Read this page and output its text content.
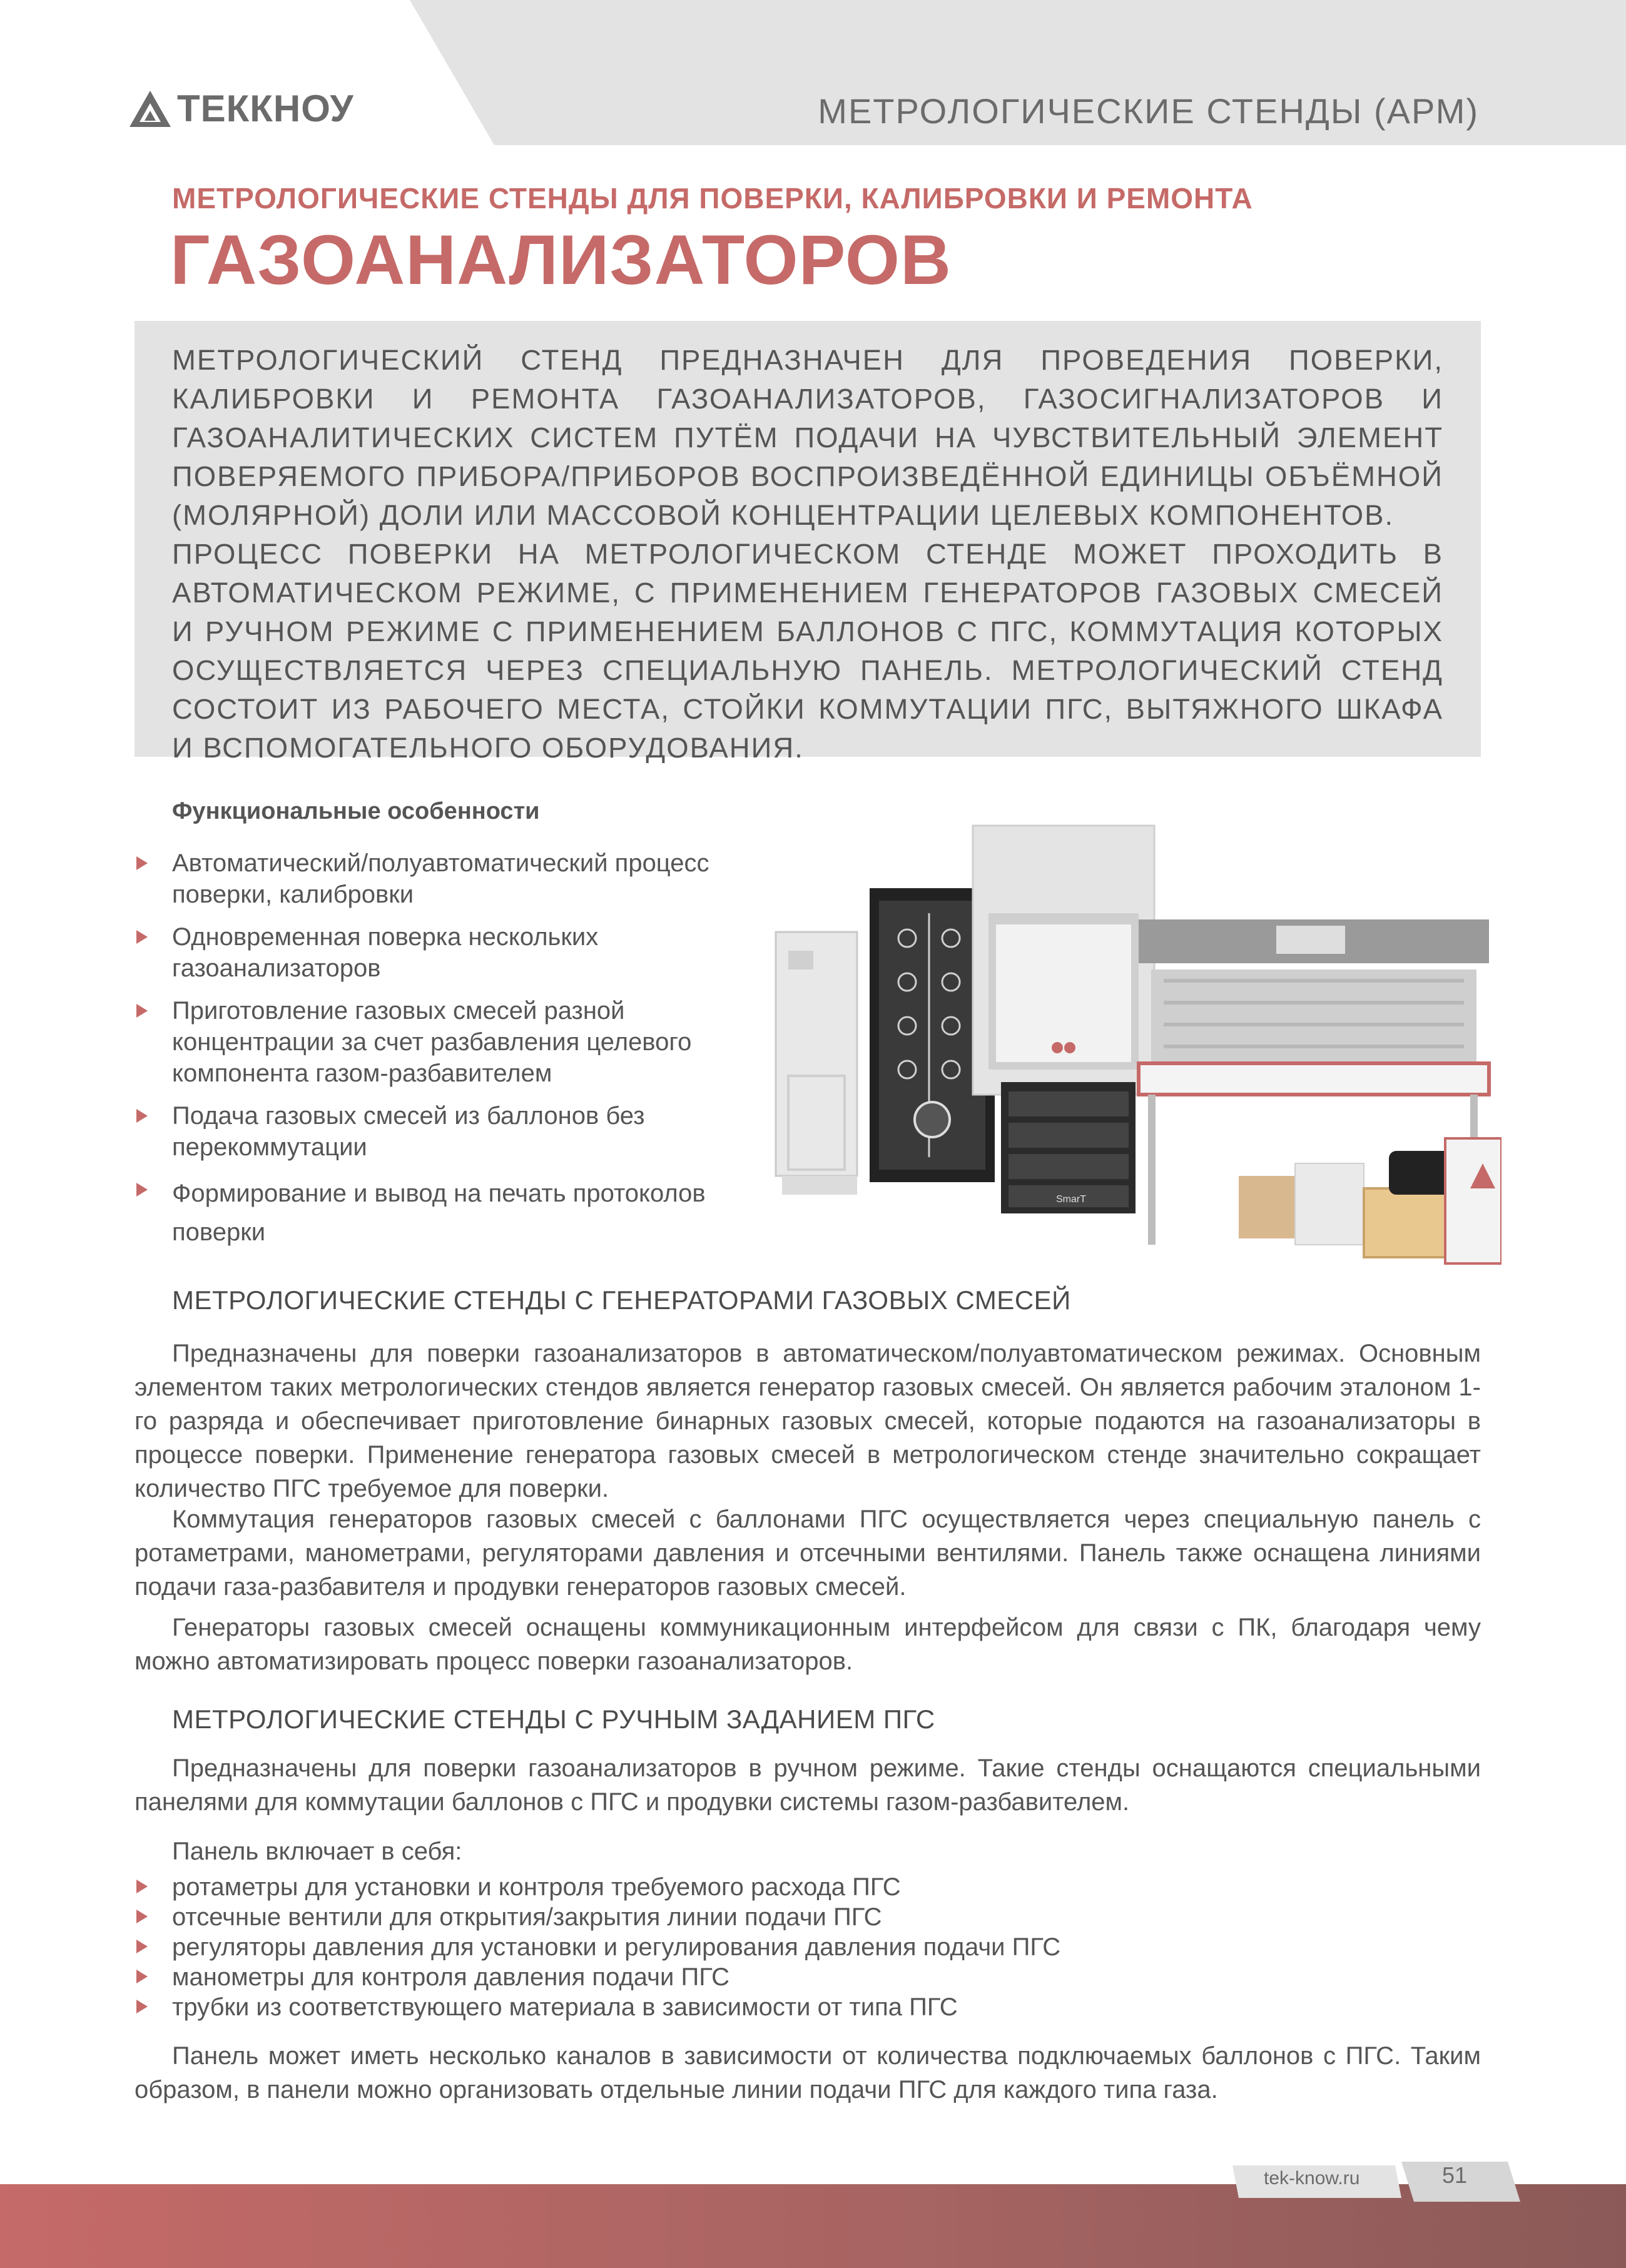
ТЕККНОУ	МЕТРОЛОГИЧЕСКИЕ СТЕНДЫ (АРМ)
МЕТРОЛОГИЧЕСКИЕ СТЕНДЫ ДЛЯ ПОВЕРКИ, КАЛИБРОВКИ И РЕМОНТА
ГАЗОАНАЛИЗАТОРОВ

МЕТРОЛОГИЧЕСКИЙ СТЕНД ПРЕДНАЗНАЧЕН ДЛЯ ПРОВЕДЕНИЯ ПОВЕРКИ, КАЛИБРОВКИ И РЕМОНТА ГАЗОАНАЛИЗАТОРОВ, ГАЗОСИГНАЛИЗАТОРОВ И ГАЗОАНАЛИТИЧЕСКИХ СИСТЕМ ПУТЁМ ПОДАЧИ НА ЧУВСТВИТЕЛЬНЫЙ ЭЛЕМЕНТ ПОВЕРЯЕМОГО ПРИБОРА/ПРИБОРОВ ВОСПРОИЗВЕДЁННОЙ ЕДИНИЦЫ ОБЪЁМНОЙ (МОЛЯРНОЙ) ДОЛИ ИЛИ МАССОВОЙ КОНЦЕНТРАЦИИ ЦЕЛЕВЫХ КОМПОНЕНТОВ.

ПРОЦЕСС ПОВЕРКИ НА МЕТРОЛОГИЧЕСКОМ СТЕНДЕ МОЖЕТ ПРОХОДИТЬ В АВТОМАТИЧЕСКОМ РЕЖИМЕ, С ПРИМЕНЕНИЕМ ГЕНЕРАТОРОВ ГАЗОВЫХ СМЕСЕЙ И РУЧНОМ РЕЖИМЕ С ПРИМЕНЕНИЕМ БАЛЛОНОВ С ПГС, КОММУТАЦИЯ КОТОРЫХ ОСУЩЕСТВЛЯЕТСЯ ЧЕРЕЗ СПЕЦИАЛЬНУЮ ПАНЕЛЬ. МЕТРОЛОГИЧЕСКИЙ СТЕНД СОСТОИТ ИЗ РАБОЧЕГО МЕСТА, СТОЙКИ КОММУТАЦИИ ПГС, ВЫТЯЖНОГО ШКАФА И ВСПОМОГАТЕЛЬНОГО ОБОРУДОВАНИЯ.

Функциональные особенности
Автоматический/полуавтоматический процесс поверки, калибровки
Одновременная поверка нескольких газоанализаторов
Приготовление газовых смесей разной концентрации за счет разбавления целевого компонента газом-разбавителем
Подача газовых смесей из баллонов без перекоммутации
Формирование и вывод на печать протоколов поверки
SmarT
МЕТРОЛОГИЧЕСКИЕ СТЕНДЫ С ГЕНЕРАТОРАМИ ГАЗОВЫХ СМЕСЕЙ

Предназначены для поверки газоанализаторов в автоматическом/полуавтоматическом режимах. Основным элементом таких метрологических стендов является генератор газовых смесей. Он является рабочим эталоном 1-го разряда и обеспечивает приготовление бинарных газовых смесей, которые подаются на газоанализаторы в процессе поверки. Применение генератора газовых смесей в метрологическом стенде значительно сокращает количество ПГС требуемое для поверки.

Коммутация генераторов газовых смесей с баллонами ПГС осуществляется через специальную панель с ротаметрами, манометрами, регуляторами давления и отсечными вентилями. Панель также оснащена линиями подачи газа-разбавителя и продувки генераторов газовых смесей.

Генераторы газовых смесей оснащены коммуникационным интерфейсом для связи с ПК, благодаря чему можно автоматизировать процесс поверки газоанализаторов.

МЕТРОЛОГИЧЕСКИЕ СТЕНДЫ С РУЧНЫМ ЗАДАНИЕМ ПГС

Предназначены для поверки газоанализаторов в ручном режиме. Такие стенды оснащаются специальными панелями для коммутации баллонов с ПГС и продувки системы газом-разбавителем.

Панель включает в себя:

ротаметры для установки и контроля требуемого расхода ПГС
отсечные вентили для открытия/закрытия линии подачи ПГС
регуляторы давления для установки и регулирования давления подачи ПГС
манометры для контроля давления подачи ПГС
трубки из соответствующего материала в зависимости от типа ПГС

Панель может иметь несколько каналов в зависимости от количества подключаемых баллонов с ПГС. Таким образом, в панели можно организовать отдельные линии подачи ПГС для каждого типа газа.

tek-know.ru	51
